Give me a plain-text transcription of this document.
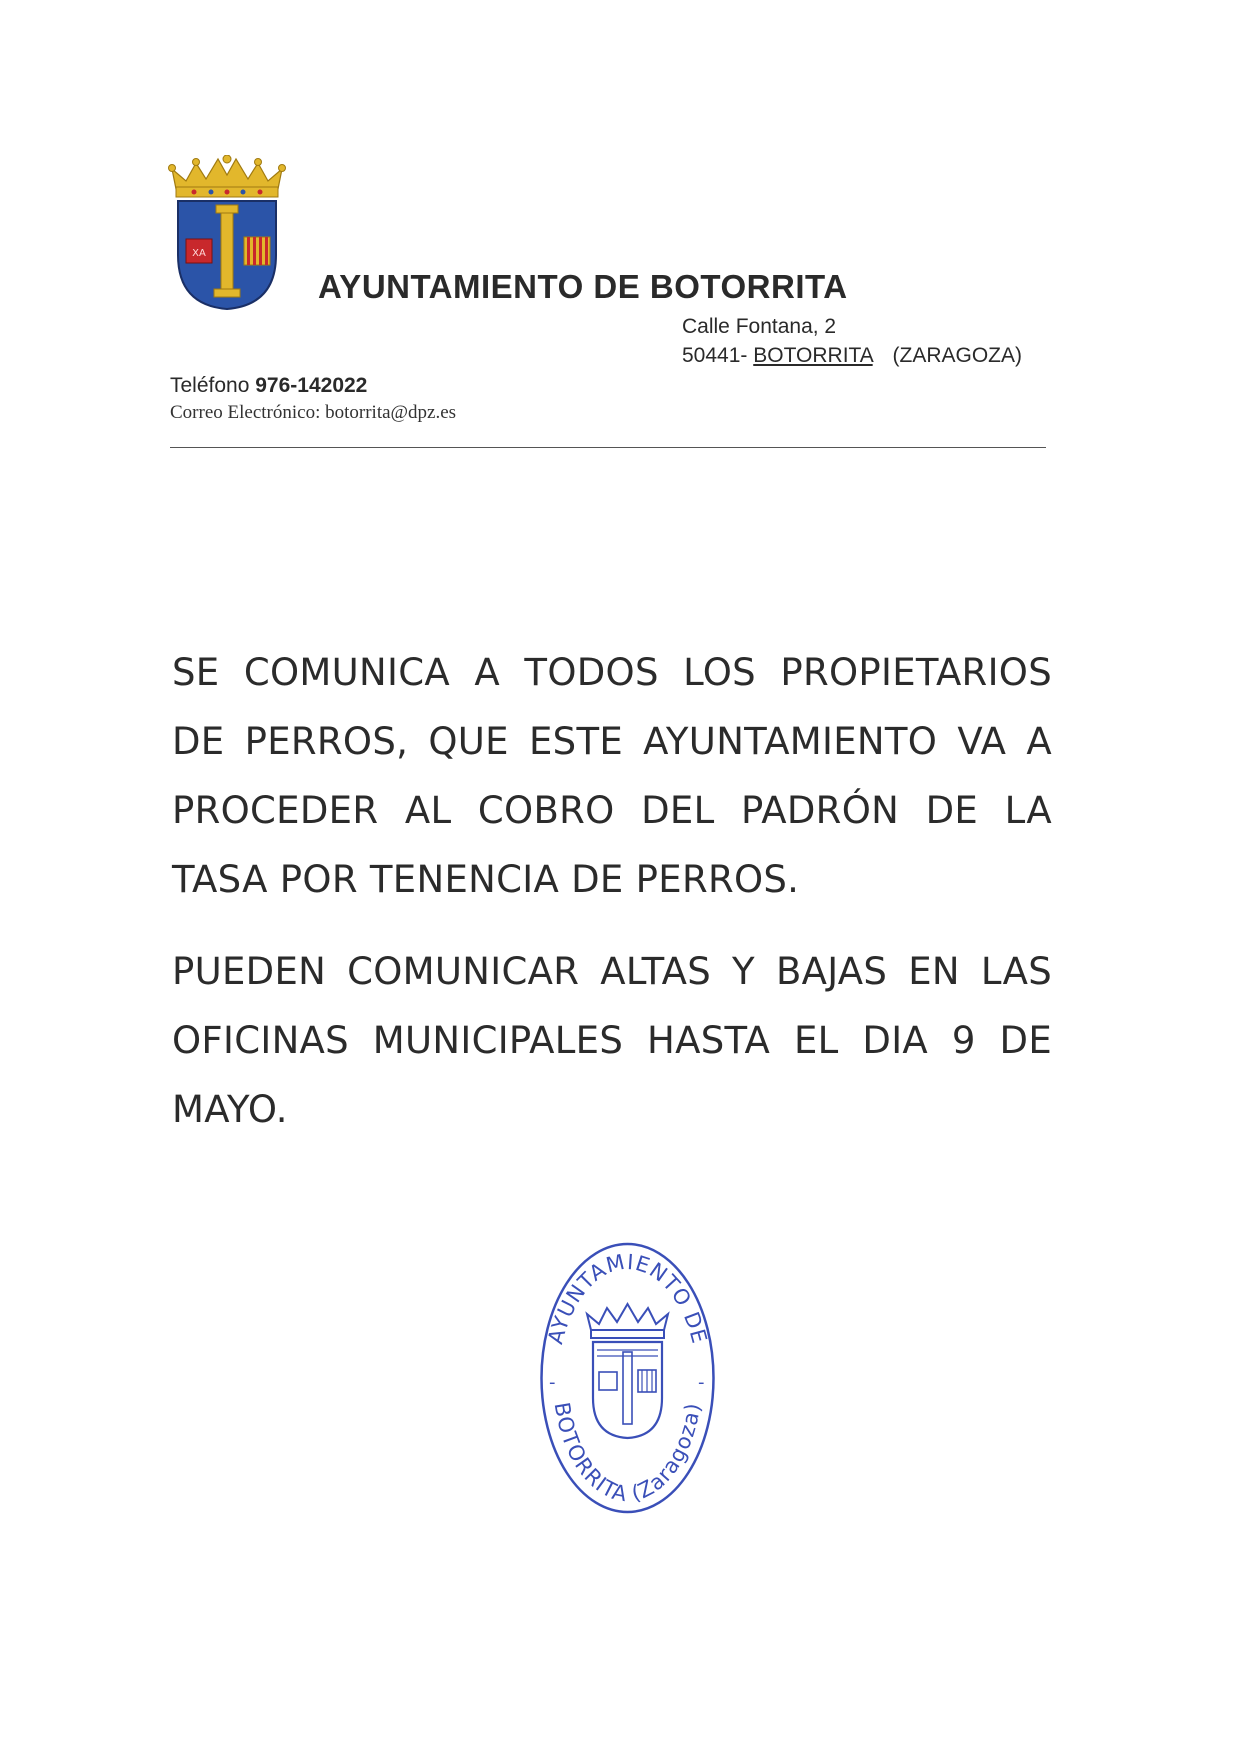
XA
AYUNTAMIENTO DE BOTORRITA
Calle Fontana, 2
50441- BOTORRITA (ZARAGOZA)
Teléfono 976-142022
Correo Electrónico: botorrita@dpz.es

SE COMUNICA A TODOS LOS PROPIETARIOS DE PERROS, QUE ESTE AYUNTAMIENTO VA A PROCEDER AL COBRO DEL PADRÓN DE LA TASA POR TENENCIA DE PERROS.

PUEDEN COMUNICAR ALTAS Y BAJAS EN LAS OFICINAS MUNICIPALES HASTA EL DIA 9 DE MAYO.

AYUNTAMIENTO DE
BOTORRITA (Zaragoza)
-	-
